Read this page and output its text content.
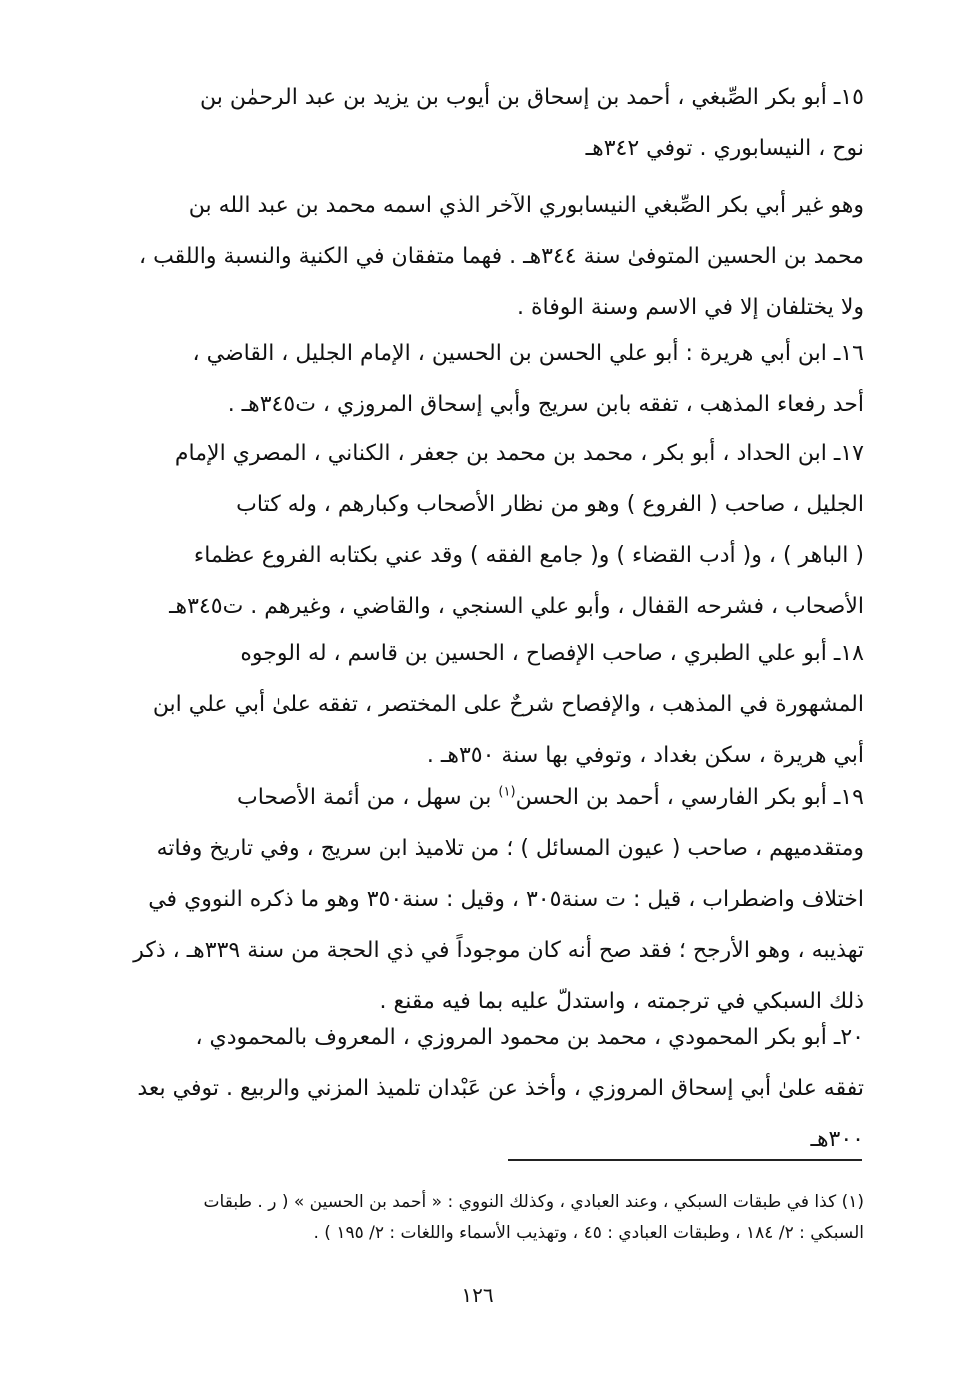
١٥ـ أبو بكر الصِّبغي ، أحمد بن إسحاق بن أيوب بن يزيد بن عبد الرحمٰن بن
نوح ، النيسابوري . توفي ٣٤٢هـ
وهو غير أبي بكر الصِّبغي النيسابوري الآخر الذي اسمه محمد بن عبد الله بن
محمد بن الحسين المتوفىٰ سنة ٣٤٤هـ . فهما متفقان في الكنية والنسبة واللقب ،
ولا يختلفان إلا في الاسم وسنة الوفاة .
١٦ـ ابن أبي هريرة : أبو علي الحسن بن الحسين ، الإمام الجليل ، القاضي ،
أحد رفعاء المذهب ، تفقه بابن سريج وأبي إسحاق المروزي ، ت٣٤٥هـ .
١٧ـ ابن الحداد ، أبو بكر ، محمد بن محمد بن جعفر ، الكناني ، المصري الإمام
الجليل ، صاحب ( الفروع ) وهو من نظار الأصحاب وكبارهم ، وله كتاب
( الباهر ) ، و( أدب القضاء ) و( جامع الفقه ) وقد عني بكتابه الفروع عظماء
الأصحاب ، فشرحه القفال ، وأبو علي السنجي ، والقاضي ، وغيرهم . ت٣٤٥هـ
١٨ـ أبو علي الطبري ، صاحب الإفصاح ، الحسين بن قاسم ، له الوجوه
المشهورة في المذهب ، والإفصاح شرحٌ على المختصر ، تفقه علىٰ أبي علي ابن
أبي هريرة ، سكن بغداد ، وتوفي بها سنة ٣٥٠هـ .
١٩ـ أبو بكر الفارسي ، أحمد بن الحسن$^{(١)}$ بن سهل ، من أئمة الأصحاب
ومتقدميهم ، صاحب ( عيون المسائل ) ؛ من تلاميذ ابن سريج ، وفي تاريخ وفاته
اختلاف واضطراب ، قيل : ت سنة٣٠٥ ، وقيل : سنة٣٥٠ وهو ما ذكره النووي في
تهذيبه ، وهو الأرجح ؛ فقد صح أنه كان موجوداً في ذي الحجة من سنة ٣٣٩هـ ، ذكر
ذلك السبكي في ترجمته ، واستدلّ عليه بما فيه مقنع .
٢٠ـ أبو بكر المحمودي ، محمد بن محمود المروزي ، المعروف بالمحمودي ،
تفقه علىٰ أبي إسحاق المروزي ، وأخذ عن عَبْدان تلميذ المزني والربيع . توفي بعد
٣٠٠هـ
(١) كذا في طبقات السبكي ، وعند العبادي ، وكذلك النووي : « أحمد بن الحسين » ( ر . طبقات
السبكي : ٢/ ١٨٤ ، وطبقات العبادي : ٤٥ ، وتهذيب الأسماء واللغات : ٢/ ١٩٥ ) .
١٢٦
